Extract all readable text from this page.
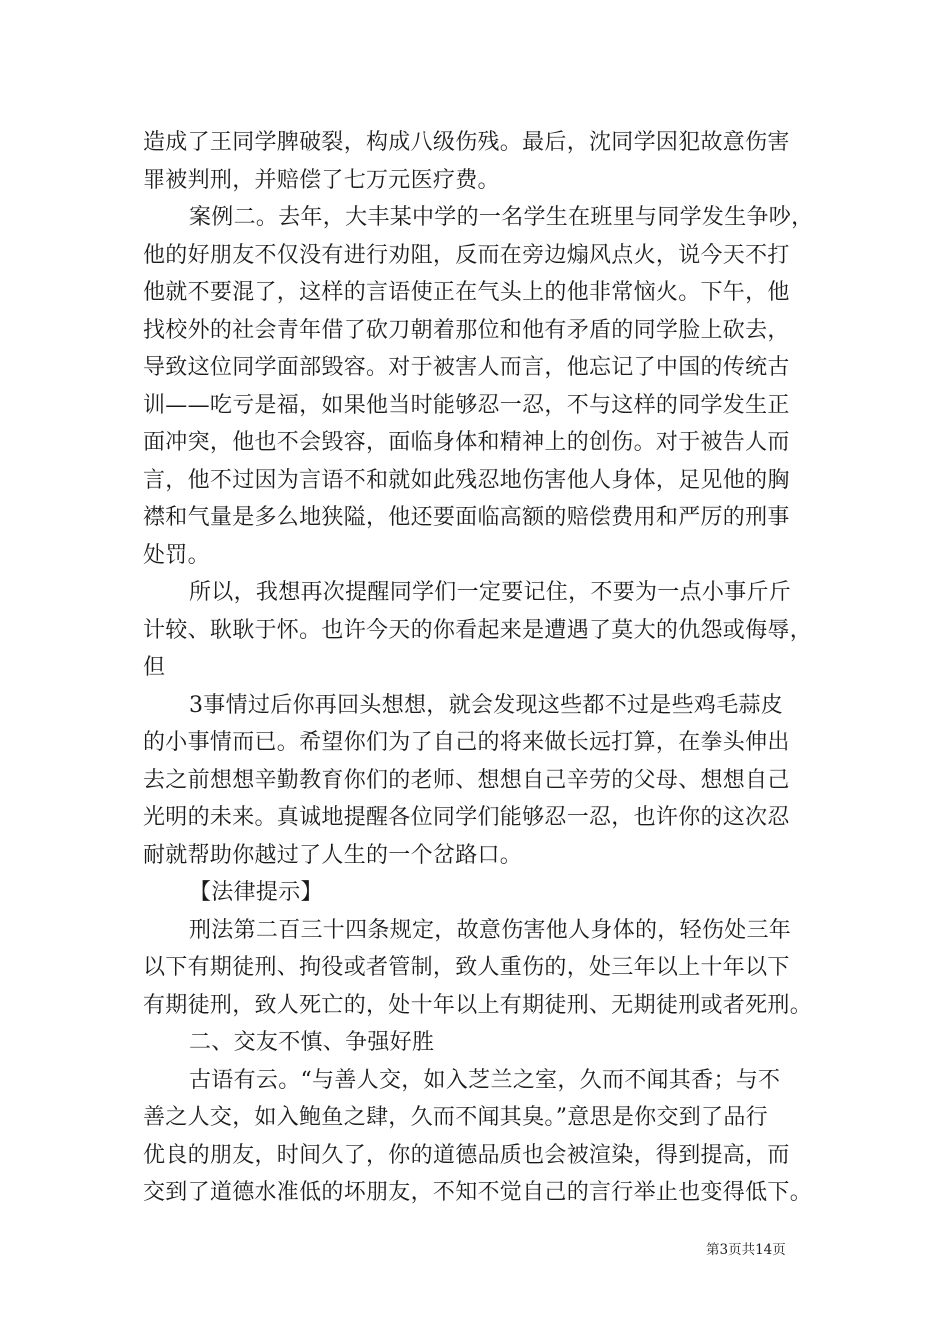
造成了王同学脾破裂，构成八级伤残。最后，沈同学因犯故意伤害
罪被判刑，并赔偿了七万元医疗费。
案例二。去年，大丰某中学的一名学生在班里与同学发生争吵，
他的好朋友不仅没有进行劝阻，反而在旁边煽风点火，说今天不打
他就不要混了，这样的言语使正在气头上的他非常恼火。下午，他
找校外的社会青年借了砍刀朝着那位和他有矛盾的同学脸上砍去，
导致这位同学面部毁容。对于被害人而言，他忘记了中国的传统古
训——吃亏是福，如果他当时能够忍一忍，不与这样的同学发生正
面冲突，他也不会毁容，面临身体和精神上的创伤。对于被告人而
言，他不过因为言语不和就如此残忍地伤害他人身体，足见他的胸
襟和气量是多么地狭隘，他还要面临高额的赔偿费用和严厉的刑事
处罚。
所以，我想再次提醒同学们一定要记住，不要为一点小事斤斤
计较、耿耿于怀。也许今天的你看起来是遭遇了莫大的仇怨或侮辱，
但
3事情过后你再回头想想，就会发现这些都不过是些鸡毛蒜皮
的小事情而已。希望你们为了自己的将来做长远打算，在拳头伸出
去之前想想辛勤教育你们的老师、想想自己辛劳的父母、想想自己
光明的未来。真诚地提醒各位同学们能够忍一忍，也许你的这次忍
耐就帮助你越过了人生的一个岔路口。
【法律提示】
刑法第二百三十四条规定，故意伤害他人身体的，轻伤处三年
以下有期徒刑、拘役或者管制，致人重伤的，处三年以上十年以下
有期徒刑，致人死亡的，处十年以上有期徒刑、无期徒刑或者死刑。
二、交友不慎、争强好胜
古语有云。“与善人交，如入芝兰之室，久而不闻其香；与不
善之人交，如入鲍鱼之肆，久而不闻其臭。”意思是你交到了品行
优良的朋友，时间久了，你的道德品质也会被渲染，得到提高，而
交到了道德水准低的坏朋友，不知不觉自己的言行举止也变得低下。
第3页共14页
